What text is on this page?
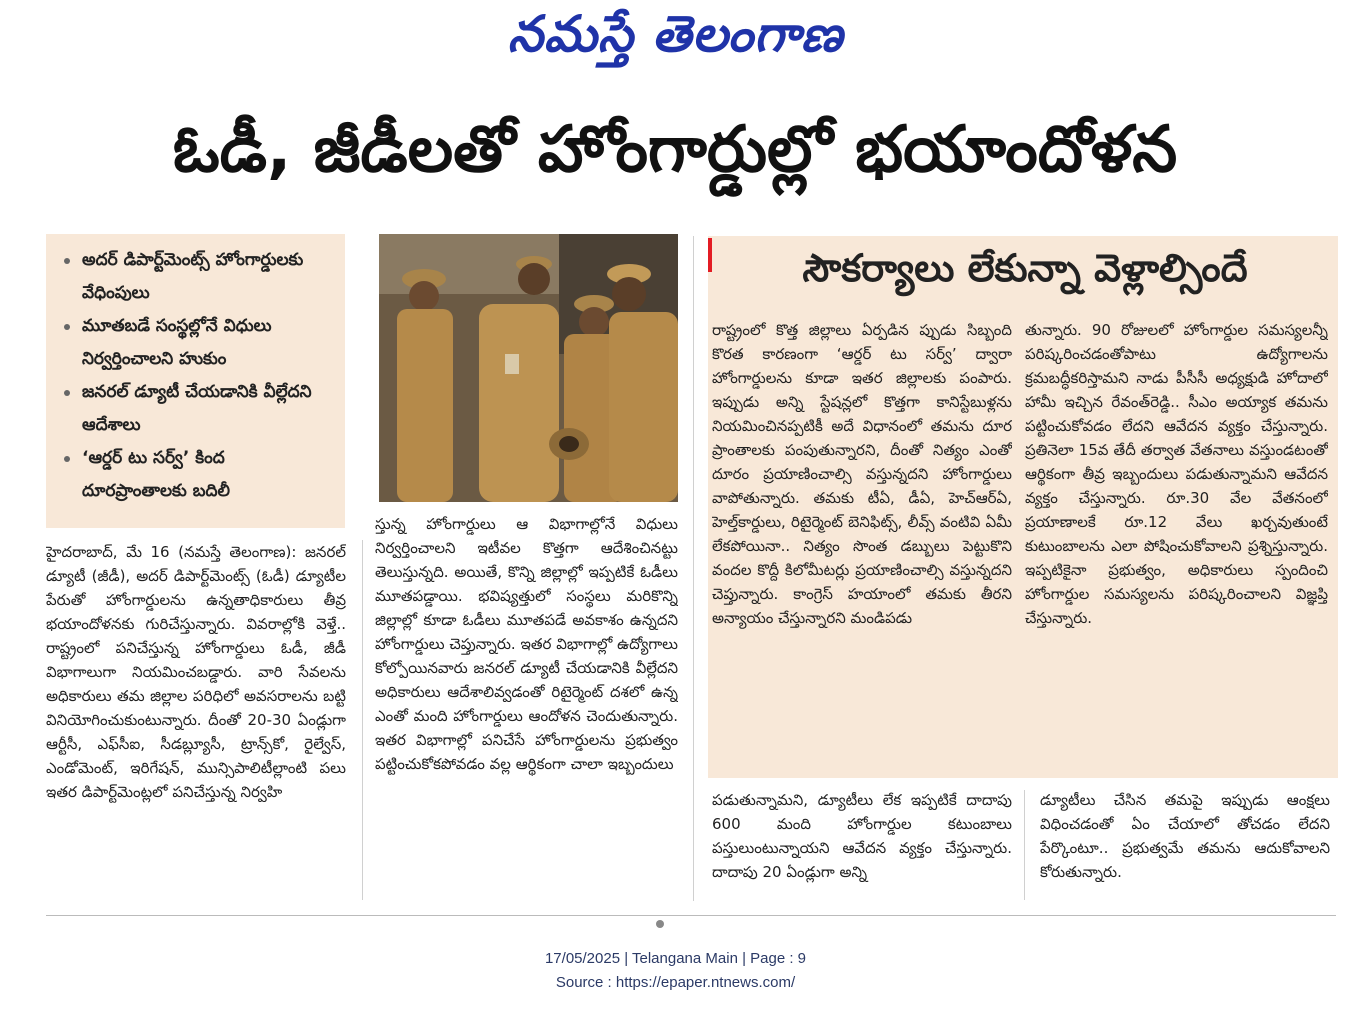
నమస్తే తెలంగాణ
ఓడీ, జీడీలతో హోంగార్డుల్లో భయాందోళన
అదర్ డిపార్ట్‌మెంట్స్ హోంగార్డులకు వేధింపులు
మూతబడే సంస్థల్లోనే విధులు నిర్వర్తించాలని హుకుం
జనరల్ డ్యూటీ చేయడానికి వీల్లేదని ఆదేశాలు
‘ఆర్డర్ టు సర్వ్’ కింద దూరప్రాంతాలకు బదిలీ
సౌకర్యాలు లేకున్నా వెళ్లాల్సిందే
హైదరాబాద్, మే 16 (నమస్తే తెలంగాణ): జనరల్ డ్యూటీ (జీడీ), అదర్ డిపార్ట్‌మెంట్స్ (ఓడీ) డ్యూటీల పేరుతో హోంగార్డులను ఉన్నతాధికారులు తీవ్ర భయాందోళనకు గురిచేస్తున్నారు. వివరాల్లోకి వెళ్తే.. రాష్ట్రంలో పనిచేస్తున్న హోంగార్డులు ఓడీ, జీడీ విభాగాలుగా నియమించబడ్డారు. వారి సేవలను అధికారులు తమ జిల్లాల పరిధిలో అవసరాలను బట్టి వినియోగించుకుంటున్నారు. దీంతో 20-30 ఏండ్లుగా ఆర్టీసీ, ఎఫ్‌సీఐ, సీడబ్ల్యూసీ, ట్రాన్స్‌కో, రైల్వేస్, ఎండోమెంట్, ఇరిగేషన్, మున్సిపాలిటీల్లాంటి పలు ఇతర డిపార్ట్‌మెంట్లలో పనిచేస్తున్న నిర్వహి
స్తున్న హోంగార్డులు ఆ విభాగాల్లోనే విధులు నిర్వర్తించాలని ఇటీవల కొత్తగా ఆదేశించినట్టు తెలుస్తున్నది. అయితే, కొన్ని జిల్లాల్లో ఇప్పటికే ఓడీలు మూతపడ్డాయి. భవిష్యత్తులో సంస్థలు మరికొన్ని జిల్లాల్లో కూడా ఓడీలు మూతపడే అవకాశం ఉన్నదని హోంగార్డులు చెప్తున్నారు. ఇతర విభాగాల్లో ఉద్యోగాలు కోల్పోయినవారు జనరల్ డ్యూటీ చేయడానికి వీల్లేదని అధికారులు ఆదేశాలివ్వడంతో రిటైర్మెంట్ దశలో ఉన్న ఎంతో మంది హోంగార్డులు ఆందోళన చెందుతున్నారు. ఇతర విభాగాల్లో పనిచేసే హోంగార్డులను ప్రభుత్వం పట్టించుకోకపోవడం వల్ల ఆర్థికంగా చాలా ఇబ్బందులు
రాష్ట్రంలో కొత్త జిల్లాలు ఏర్పడిన ప్పుడు సిబ్బంది కొరత కారణంగా ‘ఆర్డర్ టు సర్వ్’ ద్వారా హోంగార్డులను కూడా ఇతర జిల్లాలకు పంపారు. ఇప్పుడు అన్ని స్టేషన్లలో కొత్తగా కానిస్టేబుళ్లను నియమించినప్పటికీ అదే విధానంలో తమను దూర ప్రాంతాలకు పంపుతున్నారని, దీంతో నిత్యం ఎంతో దూరం ప్రయాణించాల్సి వస్తున్నదని హోంగార్డులు వాపోతున్నారు. తమకు టీఏ, డీఏ, హెచ్‌ఆర్‌ఏ, హెల్త్‌కార్డులు, రిటైర్మెంట్ బెనిఫిట్స్, లీవ్స్ వంటివి ఏమీ లేకపోయినా.. నిత్యం సొంత డబ్బులు పెట్టుకొని వందల కొద్దీ కిలోమీటర్లు ప్రయాణించాల్సి వస్తున్నదని చెప్తున్నారు. కాంగ్రెస్ హయాంలో తమకు తీరని అన్యాయం చేస్తున్నారని మండిపడు
తున్నారు. 90 రోజులలో హోంగార్డుల సమస్యలన్నీ పరిష్కరించడంతోపాటు ఉద్యోగాలను క్రమబద్ధీకరిస్తామని నాడు పీసీసీ అధ్యక్షుడి హోదాలో హామీ ఇచ్చిన రేవంత్‌రెడ్డి.. సీఎం అయ్యాక తమను పట్టించుకోవడం లేదని ఆవేదన వ్యక్తం చేస్తున్నారు. ప్రతినెలా 15వ తేదీ తర్వాత వేతనాలు వస్తుండటంతో ఆర్థికంగా తీవ్ర ఇబ్బందులు పడుతున్నామని ఆవేదన వ్యక్తం చేస్తున్నారు. రూ.30 వేల వేతనంలో ప్రయాణాలకే రూ.12 వేలు ఖర్చవుతుంటే కుటుంబాలను ఎలా పోషించుకోవాలని ప్రశ్నిస్తున్నారు. ఇప్పటికైనా ప్రభుత్వం, అధికారులు స్పందించి హోంగార్డుల సమస్యలను పరిష్కరించాలని విజ్ఞప్తి చేస్తున్నారు.
పడుతున్నామని, డ్యూటీలు లేక ఇప్పటికే దాదాపు 600 మంది హోంగార్డుల కటుంబాలు పస్తులుంటున్నాయని ఆవేదన వ్యక్తం చేస్తున్నారు. దాదాపు 20 ఏండ్లుగా అన్ని
డ్యూటీలు చేసిన తమపై ఇప్పుడు ఆంక్షలు విధించడంతో ఏం చేయాలో తోచడం లేదని పేర్కొంటూ.. ప్రభుత్వమే తమను ఆదుకోవాలని కోరుతున్నారు.
17/05/2025 | Telangana Main | Page : 9
Source : https://epaper.ntnews.com/
